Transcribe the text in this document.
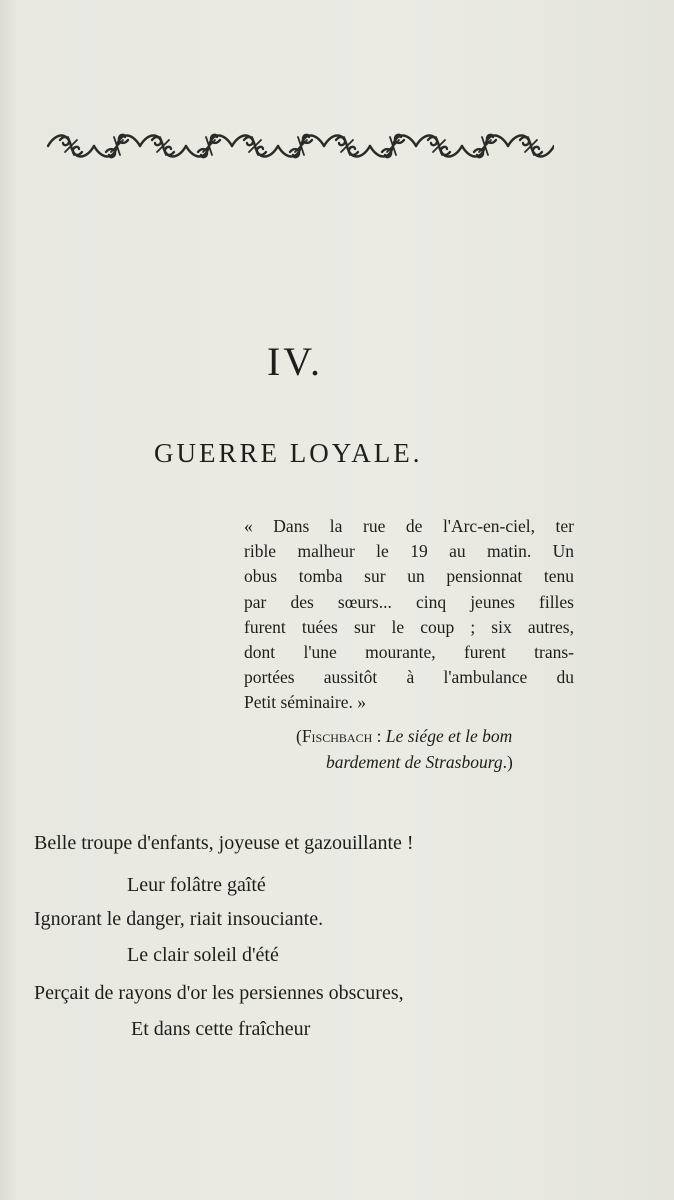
IV.
GUERRE LOYALE.
« Dans la rue de l'Arc-en-ciel, ter
rible malheur le 19 au matin. Un
obus tomba sur un pensionnat tenu
par des sœurs... cinq jeunes filles
furent tuées sur le coup ; six autres,
dont l'une mourante, furent trans-
portées aussitôt à l'ambulance du
Petit séminaire. »
(Fischbach : Le siége et le bom
bardement de Strasbourg.)
Belle troupe d'enfants, joyeuse et gazouillante !
Leur folâtre gaîté
Ignorant le danger, riait insouciante.
Le clair soleil d'été
Perçait de rayons d'or les persiennes obscures,
Et dans cette fraîcheur
